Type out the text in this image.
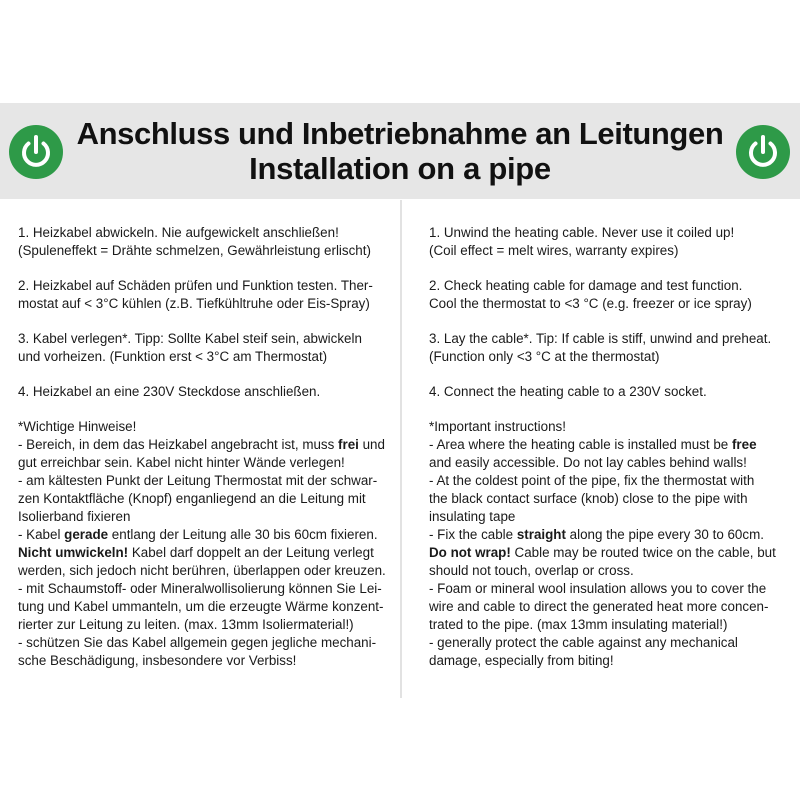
Anschluss und Inbetriebnahme an Leitungen
Installation on a pipe
1. Heizkabel abwickeln. Nie aufgewickelt anschließen!
(Spuleneffekt = Drähte schmelzen, Gewährleistung erlischt)
2. Heizkabel auf Schäden prüfen und Funktion testen. Ther-
mostat auf < 3°C kühlen (z.B. Tiefkühltruhe oder Eis-Spray)
3. Kabel verlegen*. Tipp: Sollte Kabel steif sein, abwickeln
und vorheizen. (Funktion erst < 3°C am Thermostat)
4. Heizkabel an eine 230V Steckdose anschließen.
*Wichtige Hinweise!
- Bereich, in dem das Heizkabel angebracht ist, muss frei und
gut erreichbar sein. Kabel nicht hinter Wände verlegen!
- am kältesten Punkt der Leitung Thermostat mit der schwar-
zen Kontaktfläche (Knopf) enganliegend an die Leitung mit
Isolierband fixieren
- Kabel gerade entlang der Leitung alle 30 bis 60cm fixieren.
Nicht umwickeln! Kabel darf doppelt an der Leitung verlegt
werden, sich jedoch nicht berühren, überlappen oder kreuzen.
- mit Schaumstoff- oder Mineralwollisolierung können Sie Lei-
tung und Kabel ummanteln, um die erzeugte Wärme konzent-
rierter zur Leitung zu leiten. (max. 13mm Isoliermaterial!)
- schützen Sie das Kabel allgemein gegen jegliche mechani-
sche Beschädigung, insbesondere vor Verbiss!
1. Unwind the heating cable. Never use it coiled up!
(Coil effect = melt wires, warranty expires)
2. Check heating cable for damage and test function.
Cool the thermostat to <3 °C (e.g. freezer or ice spray)
3. Lay the cable*. Tip: If cable is stiff, unwind and preheat.
(Function only <3 °C at the thermostat)
4. Connect the heating cable to a 230V socket.
*Important instructions!
- Area where the heating cable is installed must be free
and easily accessible. Do not lay cables behind walls!
- At the coldest point of the pipe, fix the thermostat with
the black contact surface (knob) close to the pipe with
insulating tape
- Fix the cable straight along the pipe every 30 to 60cm.
Do not wrap! Cable may be routed twice on the cable, but
should not touch, overlap or cross.
- Foam or mineral wool insulation allows you to cover the
wire and cable to direct the generated heat more concen-
trated to the pipe. (max 13mm insulating material!)
- generally protect the cable against any mechanical
damage, especially from biting!
